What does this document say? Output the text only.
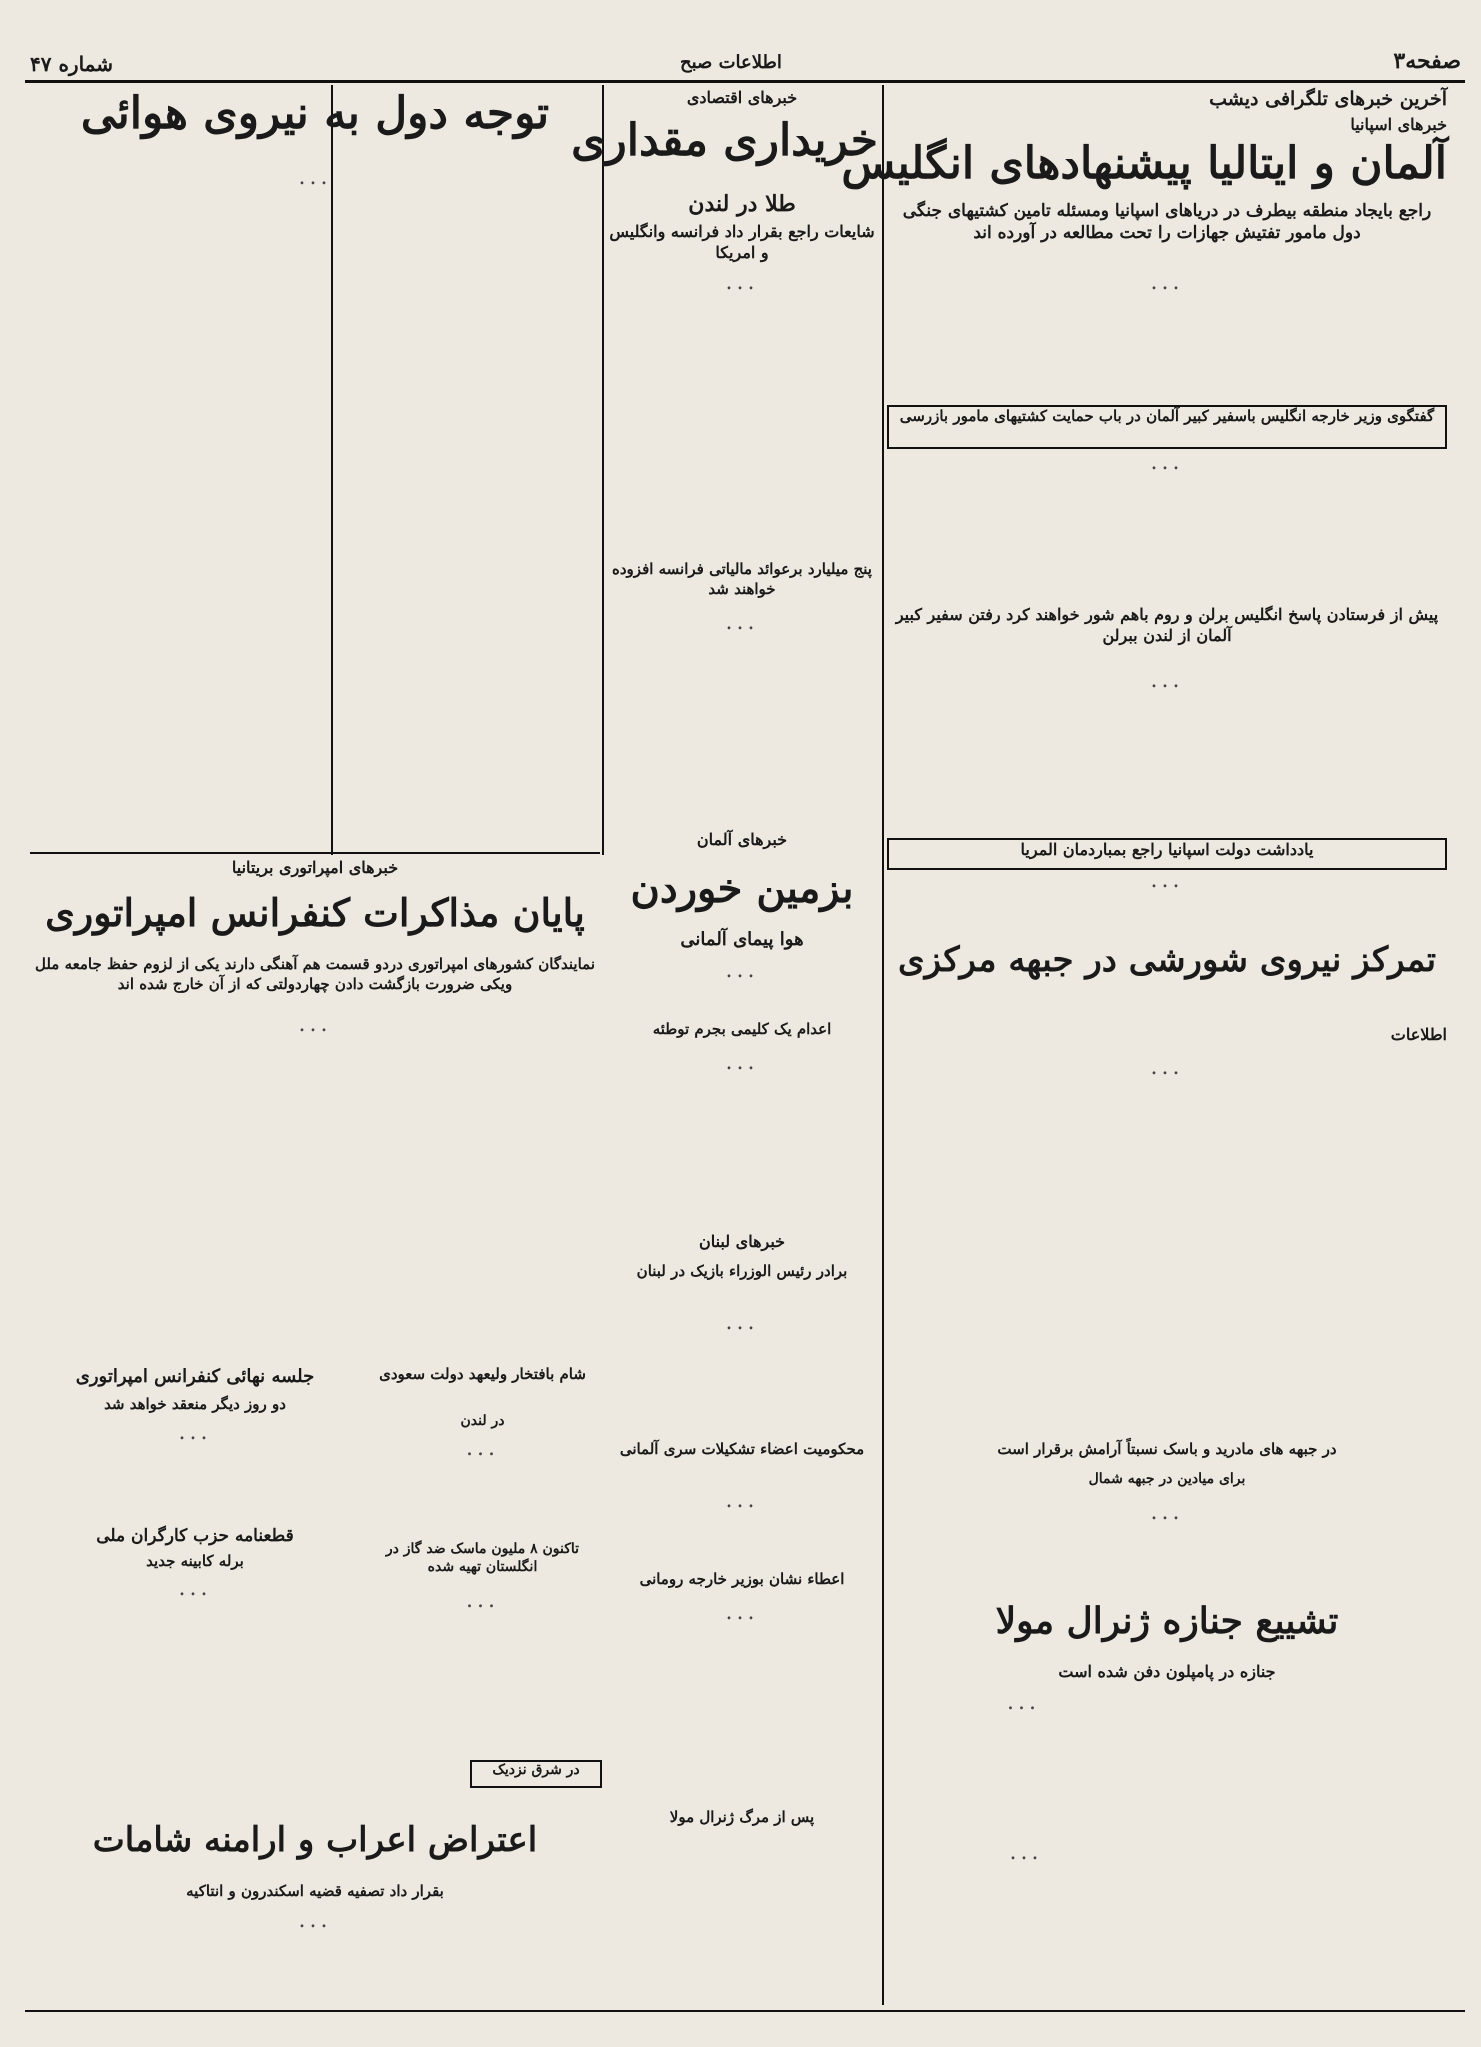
صفحه۳
اطلاعات صبح
شماره ۴۷
آخرین خبرهای تلگرافی دیشب
خبرهای اسپانیا
آلمان و ایتالیا پیشنهادهای انگلیس
راجع بایجاد منطقه بیطرف در دریاهای اسپانیا ومسئله تامین کشتیهای جنگی دول مامور تفتیش جهازات را تحت مطالعه در آورده اند
...
گفتگوی وزیر خارجه انگلیس باسفیر کبیر آلمان در باب حمایت کشتیهای مامور بازرسی
...
پیش از فرستادن پاسخ انگلیس برلن و روم باهم شور خواهند کرد رفتن سفیر کبیر آلمان از لندن ببرلن
...
یادداشت دولت اسپانیا راجع بمباردمان المریا
...
خبرهای اقتصادی
خریداری مقداری
طلا در لندن
شایعات راجع بقرار داد فرانسه وانگلیس و امریکا
...
پنج میلیارد برعوائد مالیاتی فرانسه افزوده خواهند شد
...
توجه دول به نیروی هوائی
...
خبرهای امپراتوری بریتانیا
پایان مذاکرات کنفرانس امپراتوری
نمایندگان کشورهای امپراتوری دردو قسمت هم آهنگی دارند یکی از لزوم حفظ جامعه ملل ویکی ضرورت بازگشت دادن چهاردولتی که از آن خارج شده اند
...
خبرهای آلمان
بزمین خوردن
هوا پیمای آلمانی
...
اعدام یک کلیمی بجرم توطئه
...
خبرهای لبنان
برادر رئیس الوزراء بازیک در لبنان
...
محکومیت اعضاء تشکیلات سری آلمانی
...
اعطاء نشان بوزیر خارجه رومانی
...
تمرکز نیروی شورشی در جبهه مرکزی
اطلاعات
...
در جبهه های مادرید و باسک نسبتاً آرامش برقرار است
برای میادین در جبهه شمال
...
تشییع جنازه ژنرال مولا
جنازه در پامپلون دفن شده است
...
پس از مرگ ژنرال مولا
...
جلسه نهائی کنفرانس امپراتوری
دو روز دیگر منعقد خواهد شد
...
قطعنامه حزب کارگران ملی
برله کابینه جدید
...
شام بافتخار ولیعهد دولت سعودی
در لندن
...
تاکنون ۸ ملیون ماسک ضد گاز در انگلستان تهیه شده
...
در شرق نزدیک
اعتراض اعراب و ارامنه شامات
بقرار داد تصفیه قضیه اسکندرون و انتاکیه
...
